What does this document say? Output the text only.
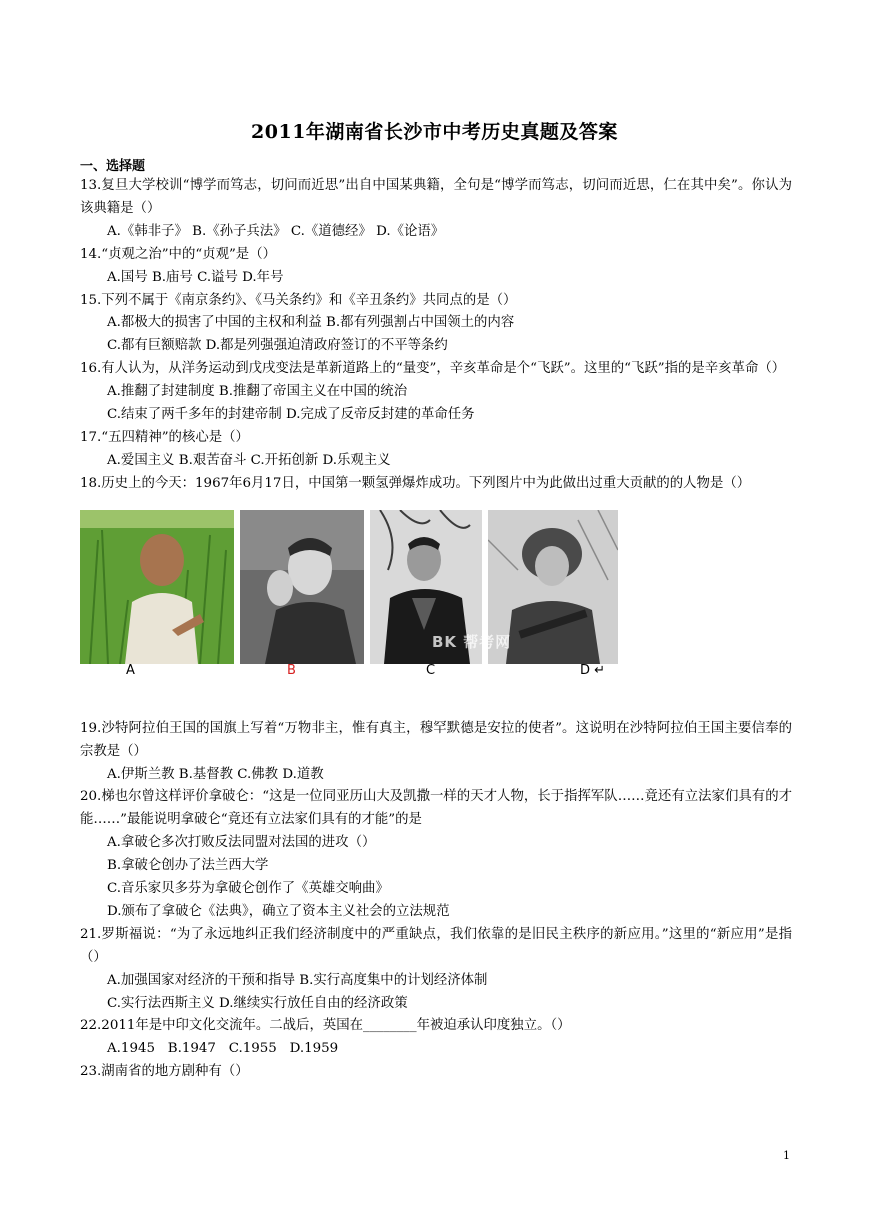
2011年湖南省长沙市中考历史真题及答案
一、选择题

13.复旦大学校训“博学而笃志，切问而近思”出自中国某典籍，全句是“博学而笃志，切问而近思，仁在其中矣”。你认为该典籍是（）

A.《韩非子》 B.《孙子兵法》 C.《道德经》 D.《论语》

14.“贞观之治”中的“贞观”是（）

A.国号 B.庙号 C.谥号 D.年号

15.下列不属于《南京条约》、《马关条约》和《辛丑条约》共同点的是（）

A.都极大的损害了中国的主权和利益 B.都有列强割占中国领土的内容

C.都有巨额赔款 D.都是列强强迫清政府签订的不平等条约

16.有人认为，从洋务运动到戊戌变法是革新道路上的“量变”，辛亥革命是个“飞跃”。这里的“飞跃”指的是辛亥革命（）

A.推翻了封建制度 B.推翻了帝国主义在中国的统治

C.结束了两千多年的封建帝制 D.完成了反帝反封建的革命任务

17.“五四精神”的核心是（）

A.爱国主义 B.艰苦奋斗 C.开拓创新 D.乐观主义

18.历史上的今天：1967年6月17日，中国第一颗氢弹爆炸成功。下列图片中为此做出过重大贡献的的人物是（）

BK 帮考网
A	B	C	D ↵

19.沙特阿拉伯王国的国旗上写着“万物非主，惟有真主，穆罕默德是安拉的使者”。这说明在沙特阿拉伯王国主要信奉的宗教是（）

A.伊斯兰教 B.基督教 C.佛教 D.道教

20.梯也尔曾这样评价拿破仑：“这是一位同亚历山大及凯撒一样的天才人物，长于指挥军队……竟还有立法家们具有的才能……”最能说明拿破仑“竟还有立法家们具有的才能”的是

A.拿破仑多次打败反法同盟对法国的进攻（）

B.拿破仑创办了法兰西大学

C.音乐家贝多芬为拿破仑创作了《英雄交响曲》

D.颁布了拿破仑《法典》，确立了资本主义社会的立法规范

21.罗斯福说：“为了永远地纠正我们经济制度中的严重缺点，我们依靠的是旧民主秩序的新应用。”这里的“新应用”是指（）

A.加强国家对经济的干预和指导 B.实行高度集中的计划经济体制

C.实行法西斯主义 D.继续实行放任自由的经济政策

22.2011年是中印文化交流年。二战后，英国在________年被迫承认印度独立。（）

A.1945   B.1947   C.1955   D.1959

23.湖南省的地方剧种有（）

1
